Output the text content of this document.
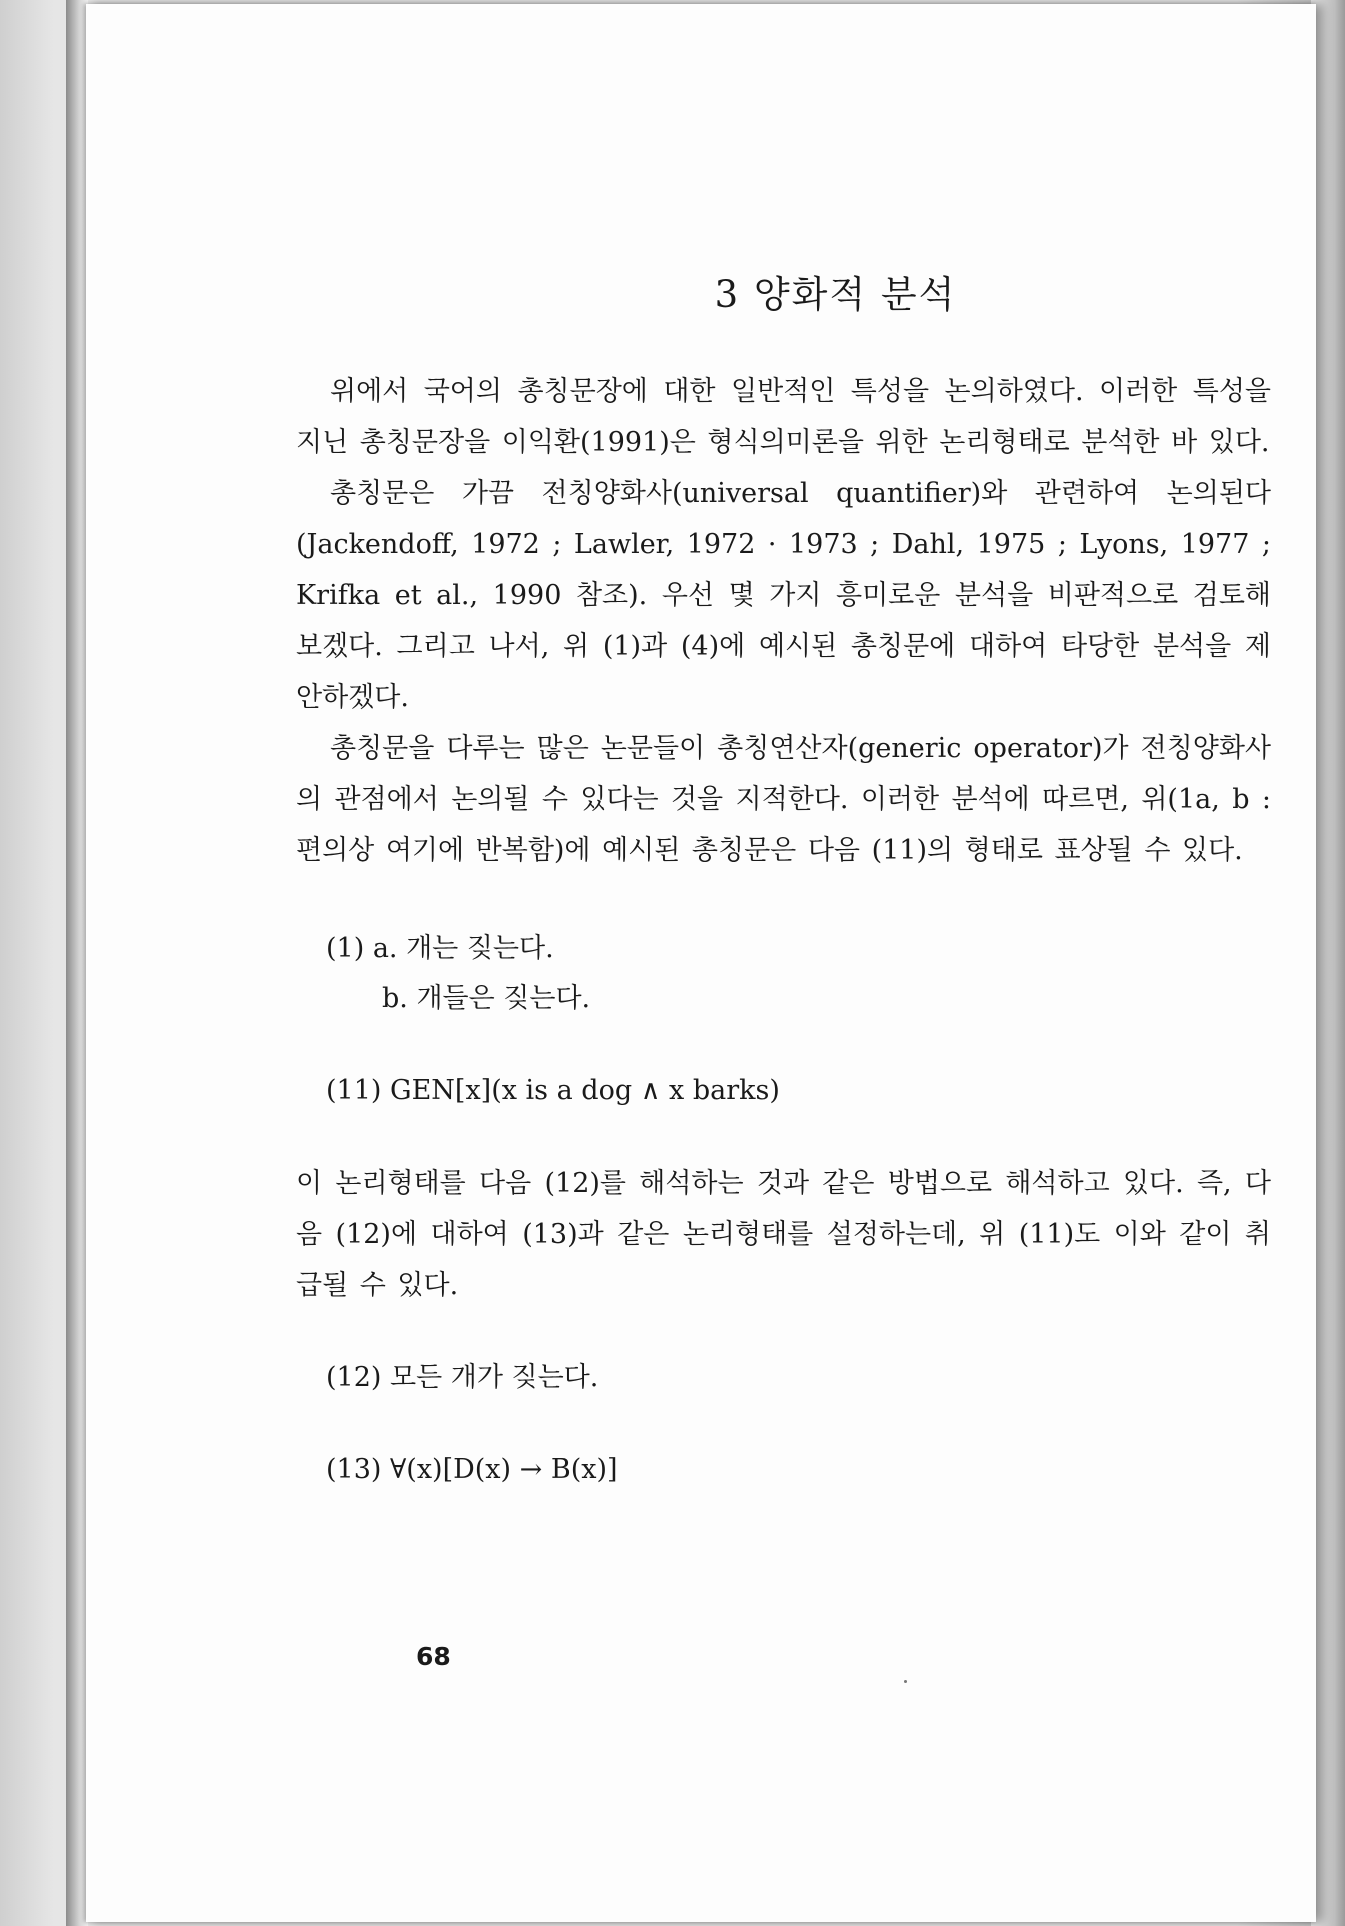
3 양화적 분석

위에서 국어의 총칭문장에 대한 일반적인 특성을 논의하였다. 이러한 특성을 지닌 총칭문장을 이익환(1991)은 형식의미론을 위한 논리형태로 분석한 바 있다.

총칭문은 가끔 전칭양화사(universal quantifier)와 관련하여 논의된다(Jackendoff, 1972 ; Lawler, 1972 · 1973 ; Dahl, 1975 ; Lyons, 1977 ; Krifka et al., 1990 참조). 우선 몇 가지 흥미로운 분석을 비판적으로 검토해 보겠다. 그리고 나서, 위 (1)과 (4)에 예시된 총칭문에 대하여 타당한 분석을 제안하겠다.

총칭문을 다루는 많은 논문들이 총칭연산자(generic operator)가 전칭양화사의 관점에서 논의될 수 있다는 것을 지적한다. 이러한 분석에 따르면, 위(1a, b : 편의상 여기에 반복함)에 예시된 총칭문은 다음 (11)의 형태로 표상될 수 있다.

(1) a. 개는 짖는다.

b. 개들은 짖는다.

(11) GEN[x](x is a dog ∧ x barks)

이 논리형태를 다음 (12)를 해석하는 것과 같은 방법으로 해석하고 있다. 즉, 다음 (12)에 대하여 (13)과 같은 논리형태를 설정하는데, 위 (11)도 이와 같이 취급될 수 있다.

(12) 모든 개가 짖는다.

(13) ∀(x)[D(x) → B(x)]

68
